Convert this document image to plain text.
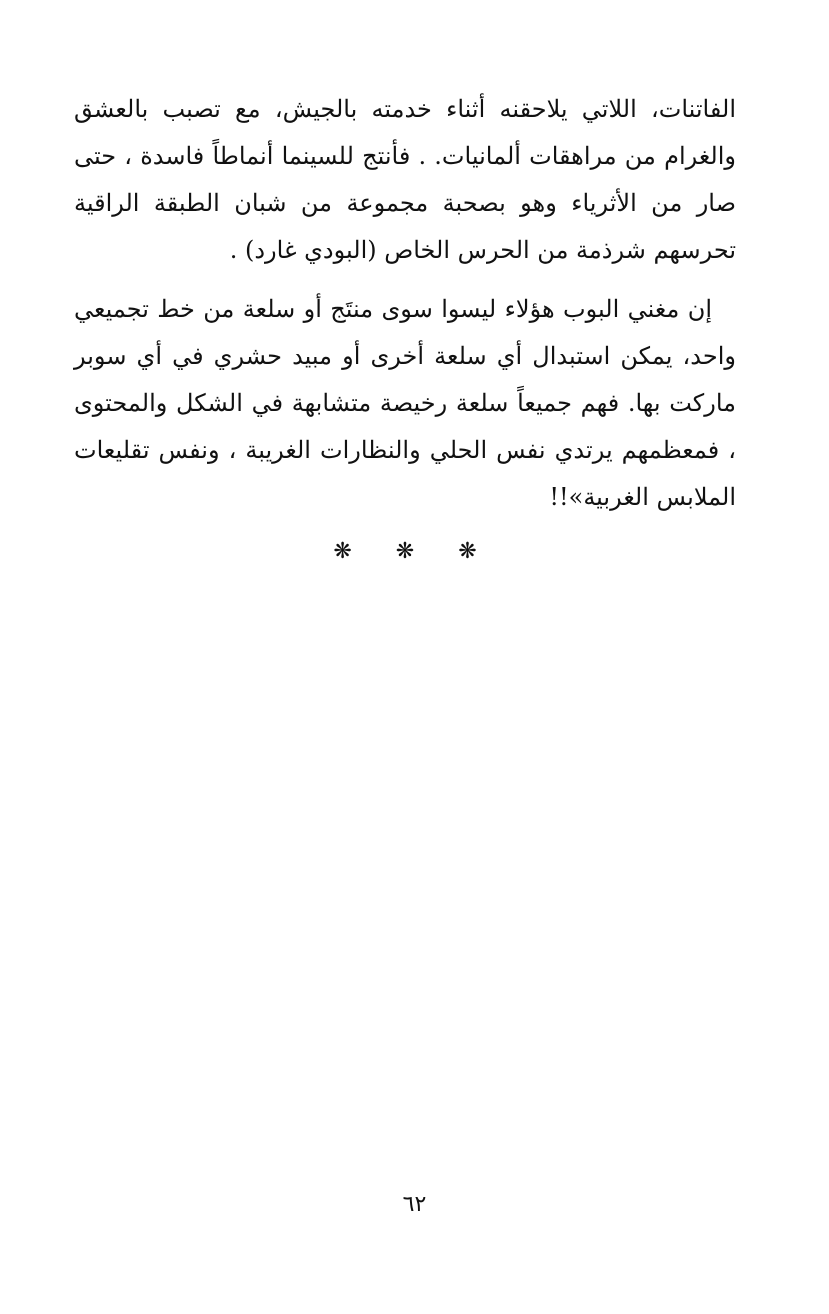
الفاتنات، اللاتي يلاحقنه أثناء خدمته بالجيش، مع تصبب بالعشق والغرام من مراهقات ألمانيات. . فأنتج للسينما أنماطاً فاسدة ، حتى صار من الأثرياء وهو بصحبة مجموعة من شبان الطبقة الراقية تحرسهم شرذمة من الحرس الخاص (البودي غارد) .

إن مغني البوب هؤلاء ليسوا سوى منتَج أو سلعة من خط تجميعي واحد، يمكن استبدال أي سلعة أخرى أو مبيد حشري في أي سوبر ماركت بها. فهم جميعاً سلعة رخيصة متشابهة في الشكل والمحتوى ، فمعظمهم يرتدي نفس الحلي والنظارات الغريبة ، ونفس تقليعات الملابس الغربية»!!

❋ ❋ ❋
٦٢
